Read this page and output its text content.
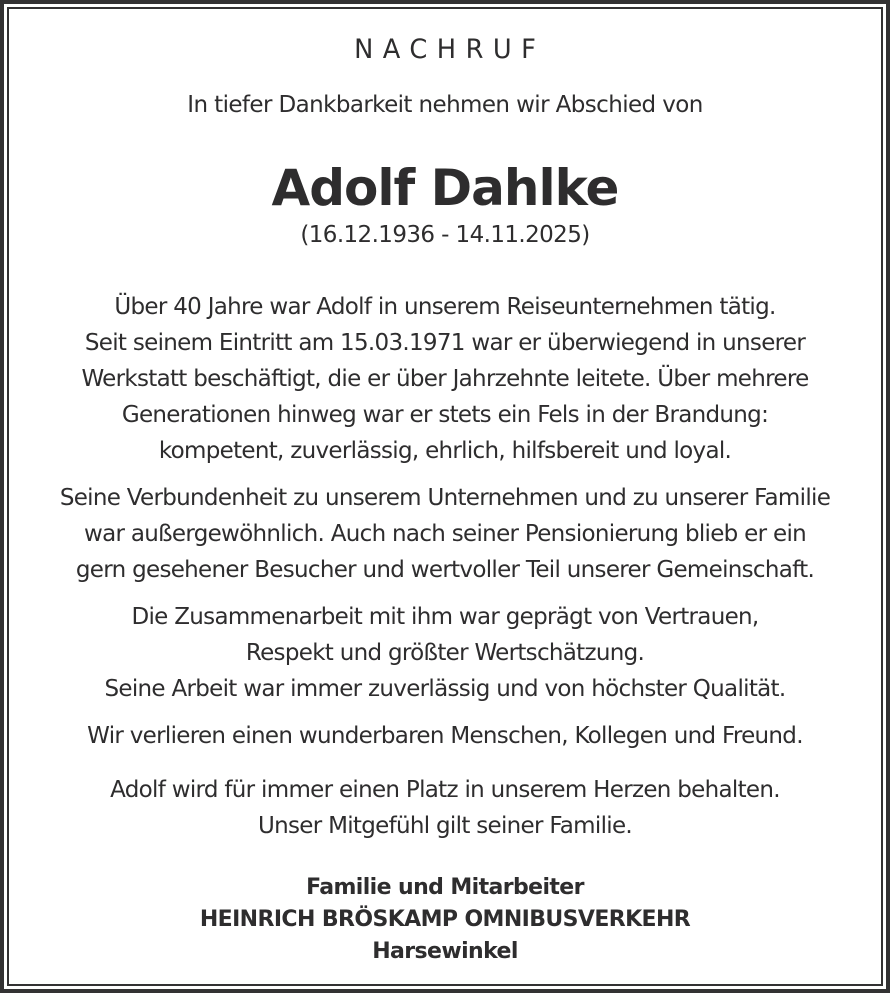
NACHRUF
In tiefer Dankbarkeit nehmen wir Abschied von
Adolf Dahlke
(16.12.1936 - 14.11.2025)
Über 40 Jahre war Adolf in unserem Reiseunternehmen tätig.
Seit seinem Eintritt am 15.03.1971 war er überwiegend in unserer
Werkstatt beschäftigt, die er über Jahrzehnte leitete. Über mehrere
Generationen hinweg war er stets ein Fels in der Brandung:
kompetent, zuverlässig, ehrlich, hilfsbereit und loyal.
Seine Verbundenheit zu unserem Unternehmen und zu unserer Familie
war außergewöhnlich. Auch nach seiner Pensionierung blieb er ein
gern gesehener Besucher und wertvoller Teil unserer Gemeinschaft.
Die Zusammenarbeit mit ihm war geprägt von Vertrauen,
Respekt und größter Wertschätzung.
Seine Arbeit war immer zuverlässig und von höchster Qualität.
Wir verlieren einen wunderbaren Menschen, Kollegen und Freund.
Adolf wird für immer einen Platz in unserem Herzen behalten.
Unser Mitgefühl gilt seiner Familie.
Familie und Mitarbeiter
HEINRICH BRÖSKAMP OMNIBUSVERKEHR
Harsewinkel
